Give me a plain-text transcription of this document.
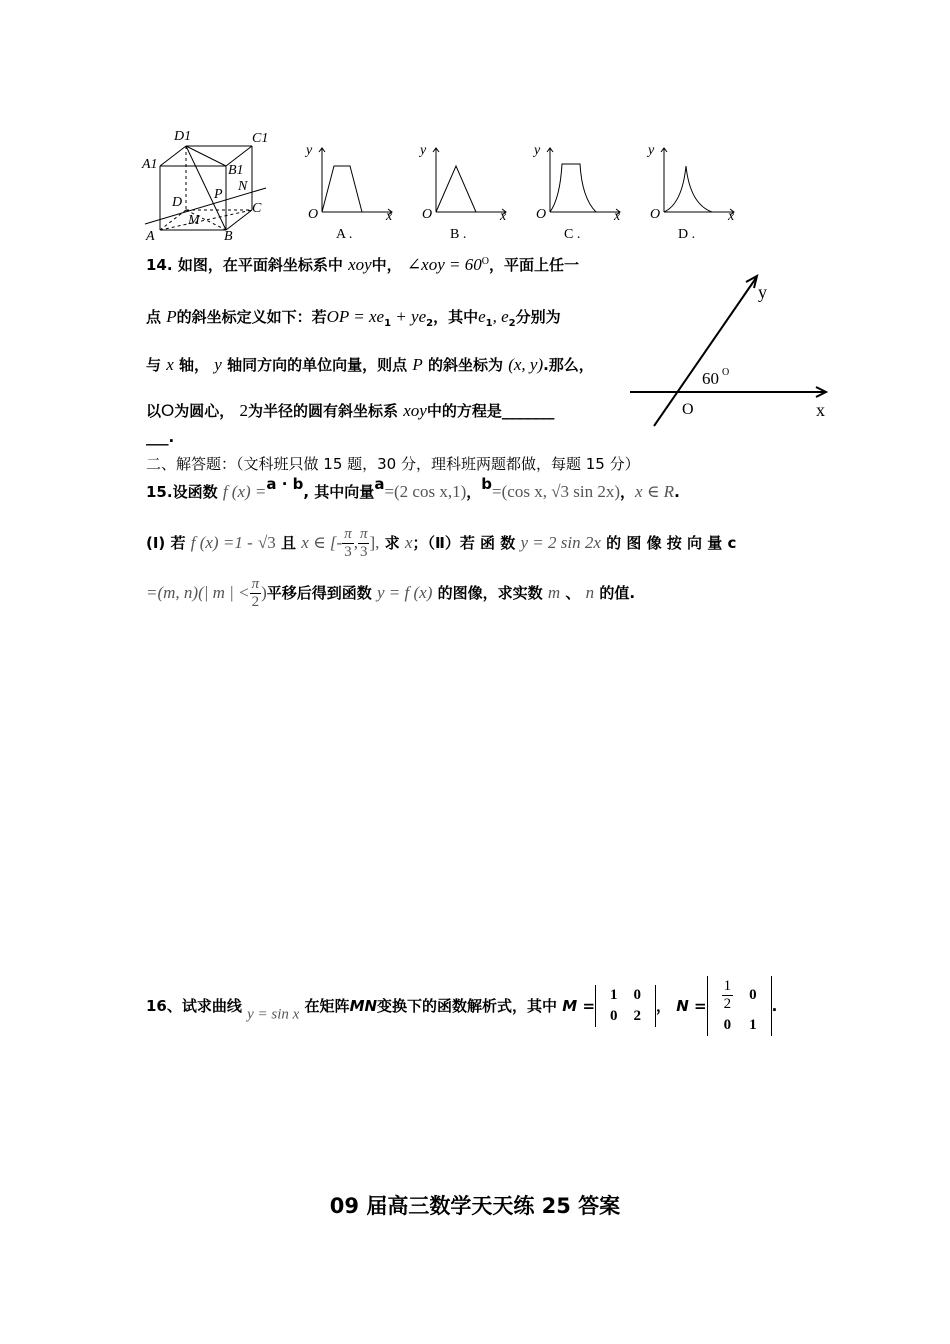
D1	C1
A1	B1
N
P
D	C
M
A	B
y
x
O
A .
y
x
O
B .
y
x
O
C .
y
x
O
D .
y
x
O
60 O
14. 如图，在平面斜坐标系中 xoy中， ∠xoy = $60^O$，平面上任一
点 P的斜坐标定义如下：若OP = $xe_1 + ye_2$，其中$e_1$, $e_2$分别为
与 x 轴， y 轴同方向的单位向量，则点 P 的斜坐标为 (x, y).那么，
以O为圆心， 2为半径的圆有斜坐标系 xoy中的方程是_______
___.
二、解答题：（文科班只做 15 题，30 分，理科班两题都做，每题 15 分）
15.设函数 f (x) =a · b, 其中向量a=(2 cos x,1)，b=(cos x, √3 sin 2x)，x ∈ R.
(Ⅰ) 若 f (x) =1 - √3 且 x ∈ [- $\frac{\pi}{3}$ , $\frac{\pi}{3}$ ], 求 x；（Ⅱ）若 函 数 y = 2 sin 2x 的 图 像 按 向 量 c
=(m, n)(| m | < $\frac{\pi}{2}$ )平移后得到函数 y = f (x) 的图像，求实数 m 、 n 的值.
16、试求曲线 y = sin x 在矩阵MN变换下的函数解析式，其中 M =
1	0
0	2
， $N = \frac{1}{2}$	0
0	1
.
09 届高三数学天天练 25 答案
